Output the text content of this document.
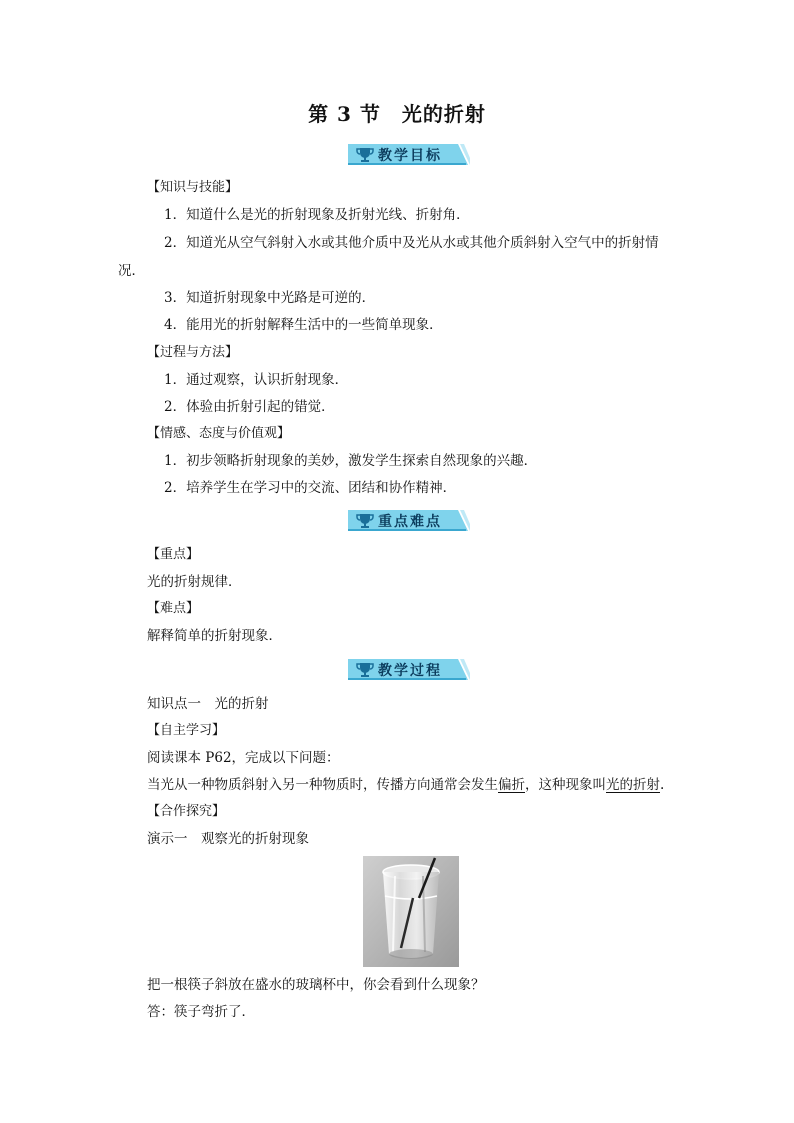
第 3 节　光的折射
教学目标
【知识与技能】
1．知道什么是光的折射现象及折射光线、折射角．
2．知道光从空气斜射入水或其他介质中及光从水或其他介质斜射入空气中的折射情
况．
3．知道折射现象中光路是可逆的．
4．能用光的折射解释生活中的一些简单现象．
【过程与方法】
1．通过观察，认识折射现象．
2．体验由折射引起的错觉．
【情感、态度与价值观】
1．初步领略折射现象的美妙，激发学生探索自然现象的兴趣．
2．培养学生在学习中的交流、团结和协作精神．
重点难点
【重点】
光的折射规律．
【难点】
解释简单的折射现象．
教学过程
知识点一　光的折射
【自主学习】
阅读课本 P62，完成以下问题：
当光从一种物质斜射入另一种物质时，传播方向通常会发生偏折，这种现象叫光的折射.
【合作探究】
演示一　观察光的折射现象
把一根筷子斜放在盛水的玻璃杯中，你会看到什么现象？
答：筷子弯折了．
